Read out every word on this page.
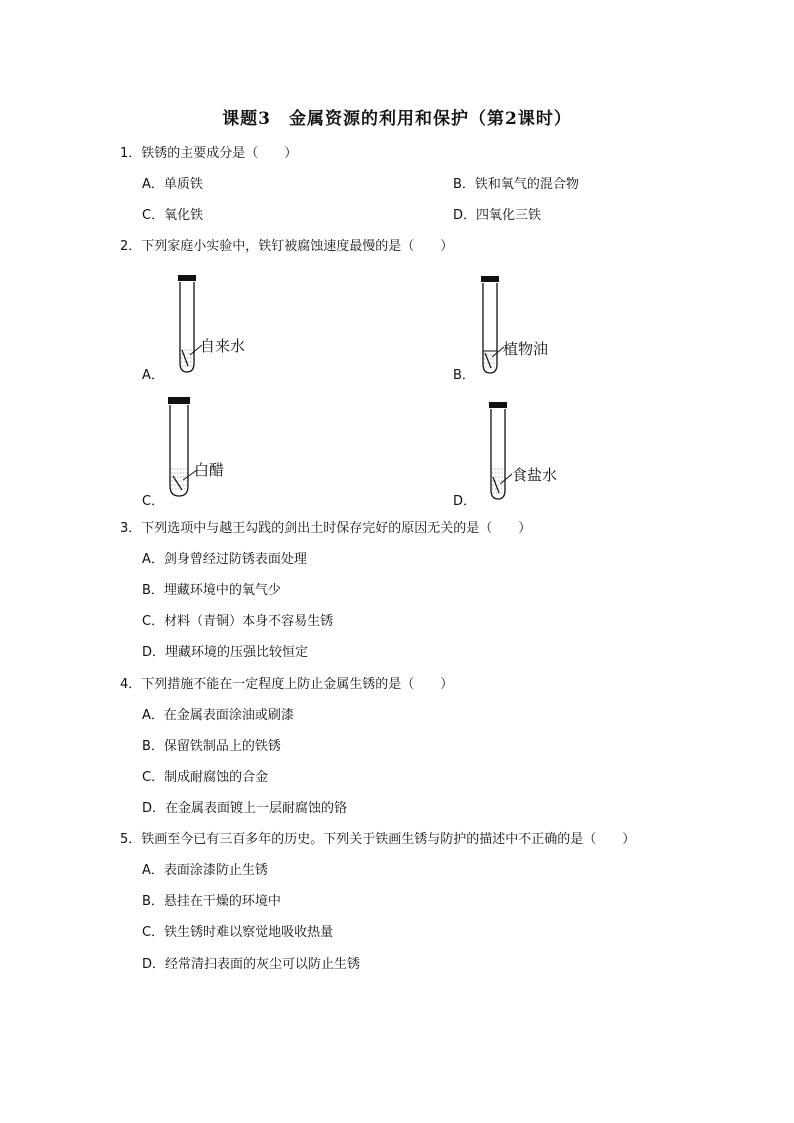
课题3　金属资源的利用和保护（第2课时）
1．铁锈的主要成分是（　　）
A．单质铁	B．铁和氧气的混合物
C．氧化铁	D．四氧化三铁
2．下列家庭小实验中，铁钉被腐蚀速度最慢的是（　　）
自来水
A．
植物油
B．
白醋
C．
食盐水
D．
3．下列选项中与越王勾践的剑出土时保存完好的原因无关的是（　　）
A．剑身曾经过防锈表面处理
B．埋藏环境中的氧气少
C．材料（青铜）本身不容易生锈
D．埋藏环境的压强比较恒定
4．下列措施不能在一定程度上防止金属生锈的是（　　）
A．在金属表面涂油或刷漆
B．保留铁制品上的铁锈
C．制成耐腐蚀的合金
D．在金属表面镀上一层耐腐蚀的铬
5．铁画至今已有三百多年的历史。下列关于铁画生锈与防护的描述中不正确的是（　　）
A．表面涂漆防止生锈
B．悬挂在干燥的环境中
C．铁生锈时难以察觉地吸收热量
D．经常清扫表面的灰尘可以防止生锈
